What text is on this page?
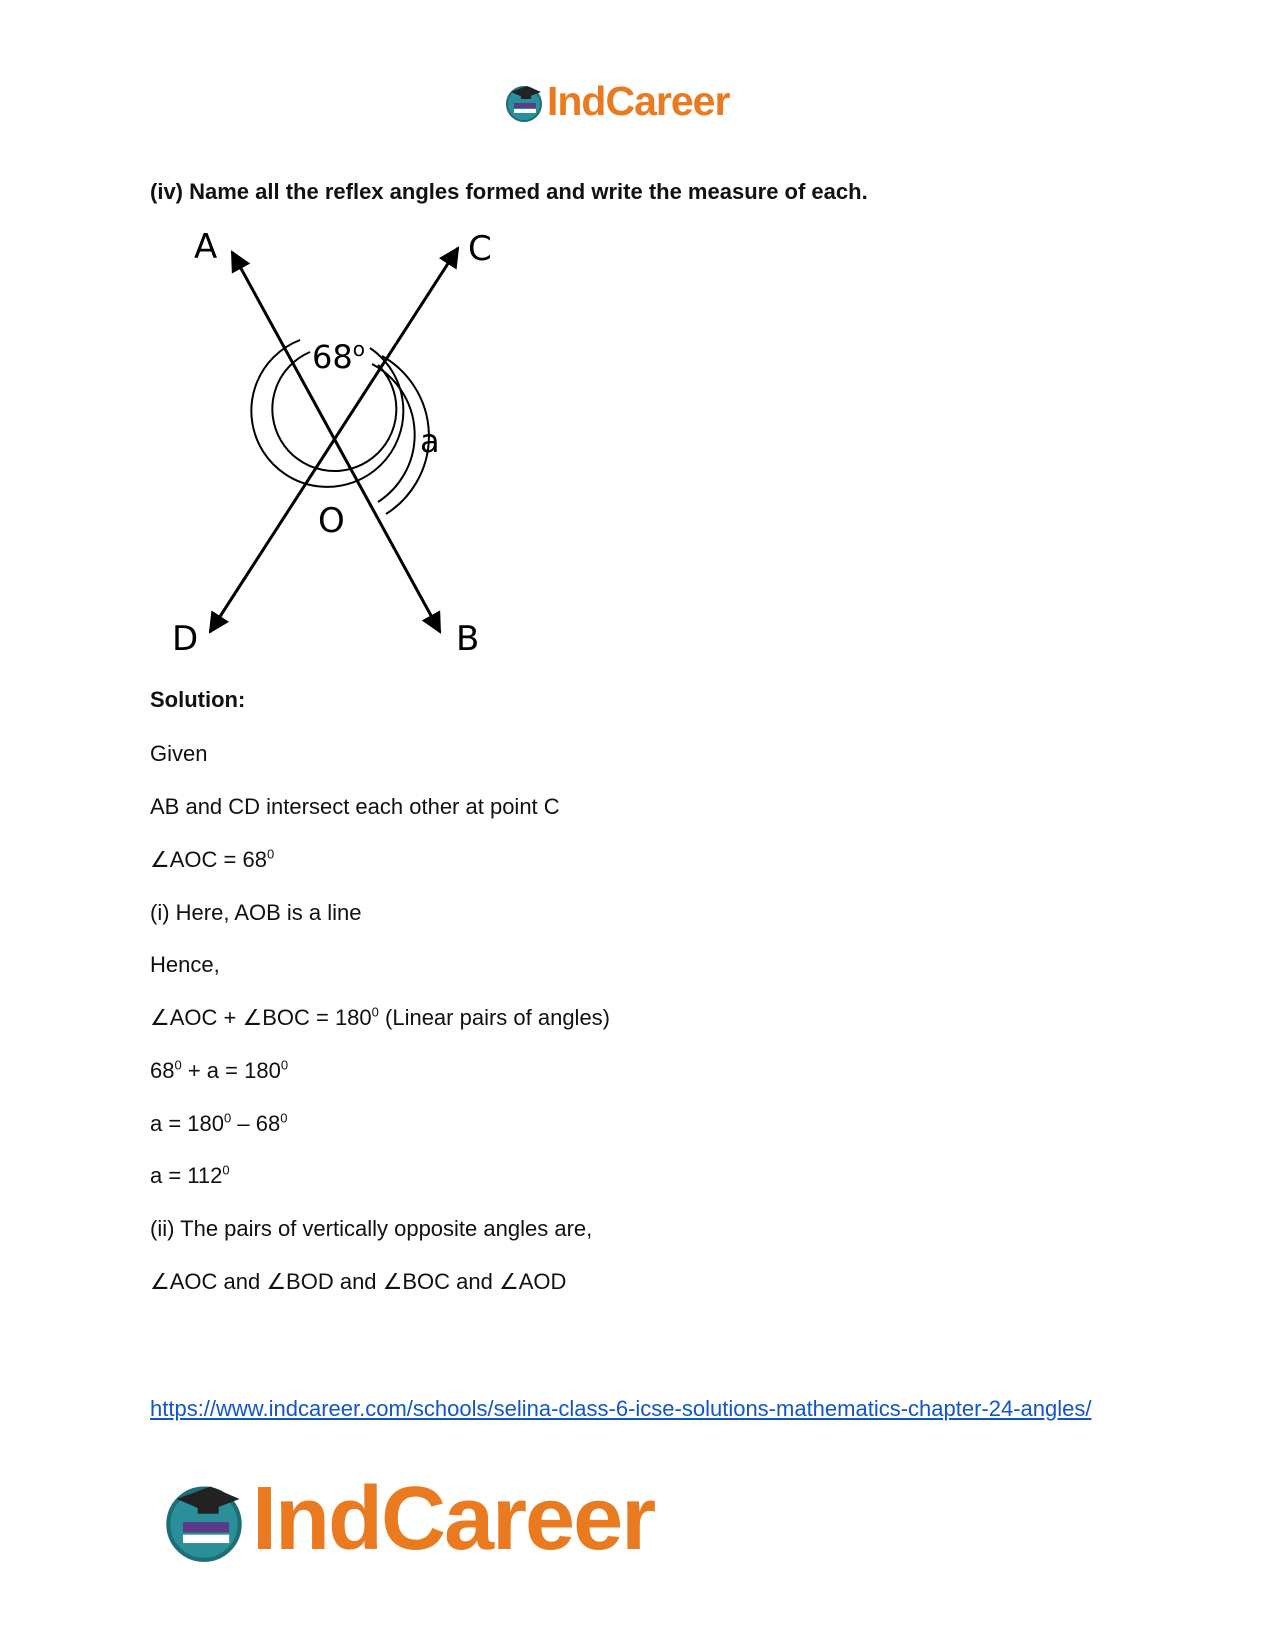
IndCareer
(iv) Name all the reflex angles formed and write the measure of each.
A	C
D	B
O
a
68$^o$
Solution:
Given
AB and CD intersect each other at point C
∠AOC = $68^0$
(i) Here, AOB is a line
Hence,
∠AOC + ∠BOC = $180^0$ (Linear pairs of angles)
$68^0 + a = 180^0$
$a = 180^0 - 68^0$
$a = 112^0$
(ii) The pairs of vertically opposite angles are,
∠AOC and ∠BOD and ∠BOC and ∠AOD
https://www.indcareer.com/schools/selina-class-6-icse-solutions-mathematics-chapter-24-angles/
IndCareer
